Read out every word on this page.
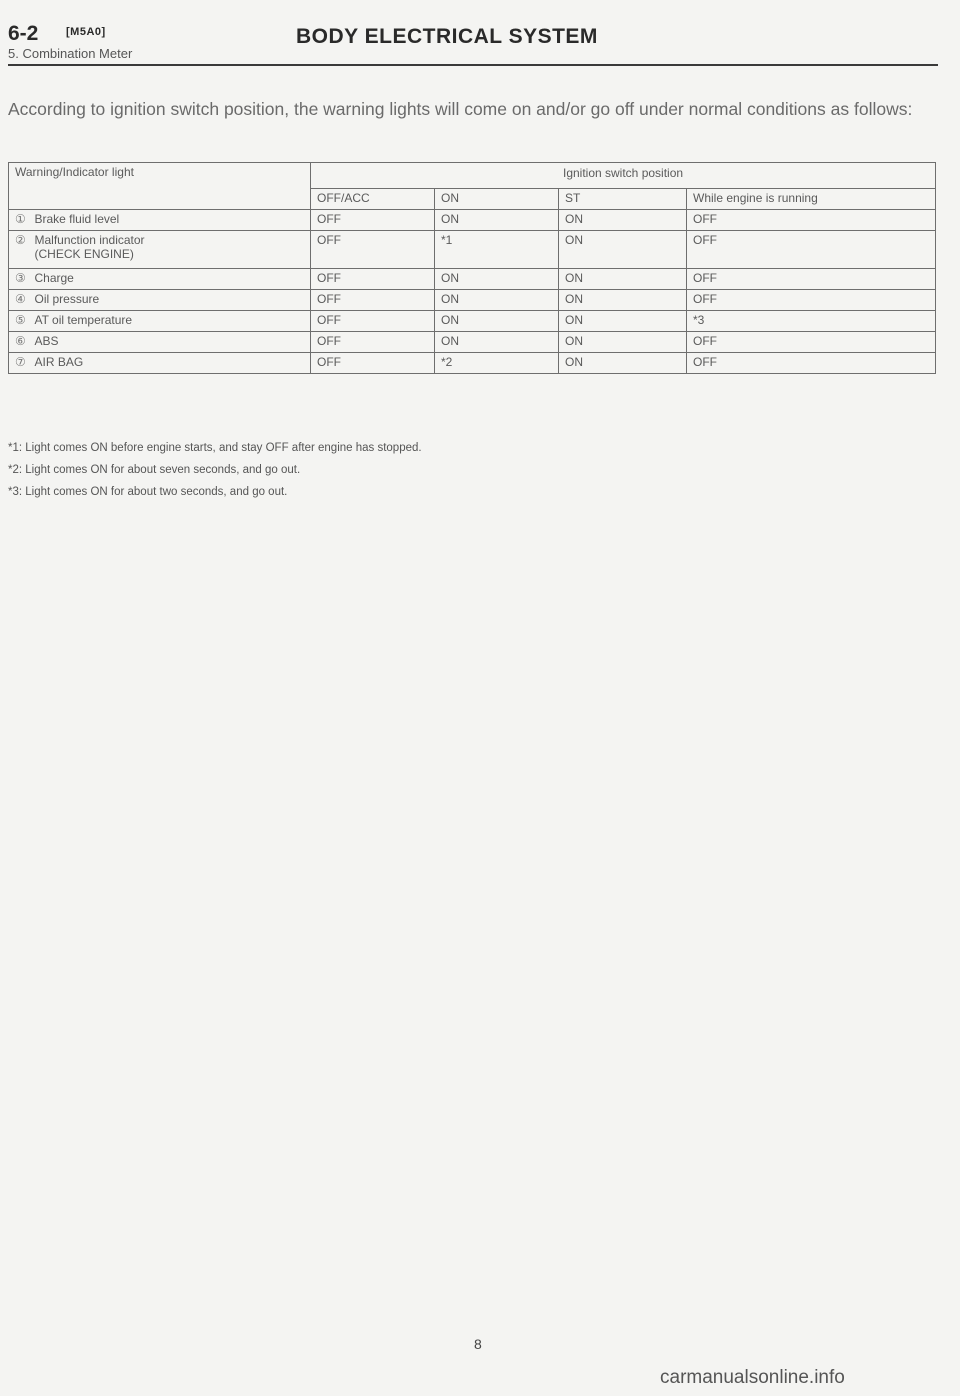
6-2	[M5A0]
5. Combination Meter
BODY ELECTRICAL SYSTEM
According to ignition switch position, the warning lights will come on and/or go off under normal conditions as follows:
Warning/Indicator light		Ignition switch position			
		OFF/ACC	ON	ST	While engine is running
①	Brake fluid level	OFF	ON	ON	OFF
②	Malfunction indicator
(CHECK ENGINE)	OFF	*1	ON	OFF
③	Charge	OFF	ON	ON	OFF
④	Oil pressure	OFF	ON	ON	OFF
⑤	AT oil temperature	OFF	ON	ON	*3
⑥	ABS	OFF	ON	ON	OFF
⑦	AIR BAG	OFF	*2	ON	OFF
*1: Light comes ON before engine starts, and stay OFF after engine has stopped.
*2: Light comes ON for about seven seconds, and go out.
*3: Light comes ON for about two seconds, and go out.
8
carmanualsonline.info
